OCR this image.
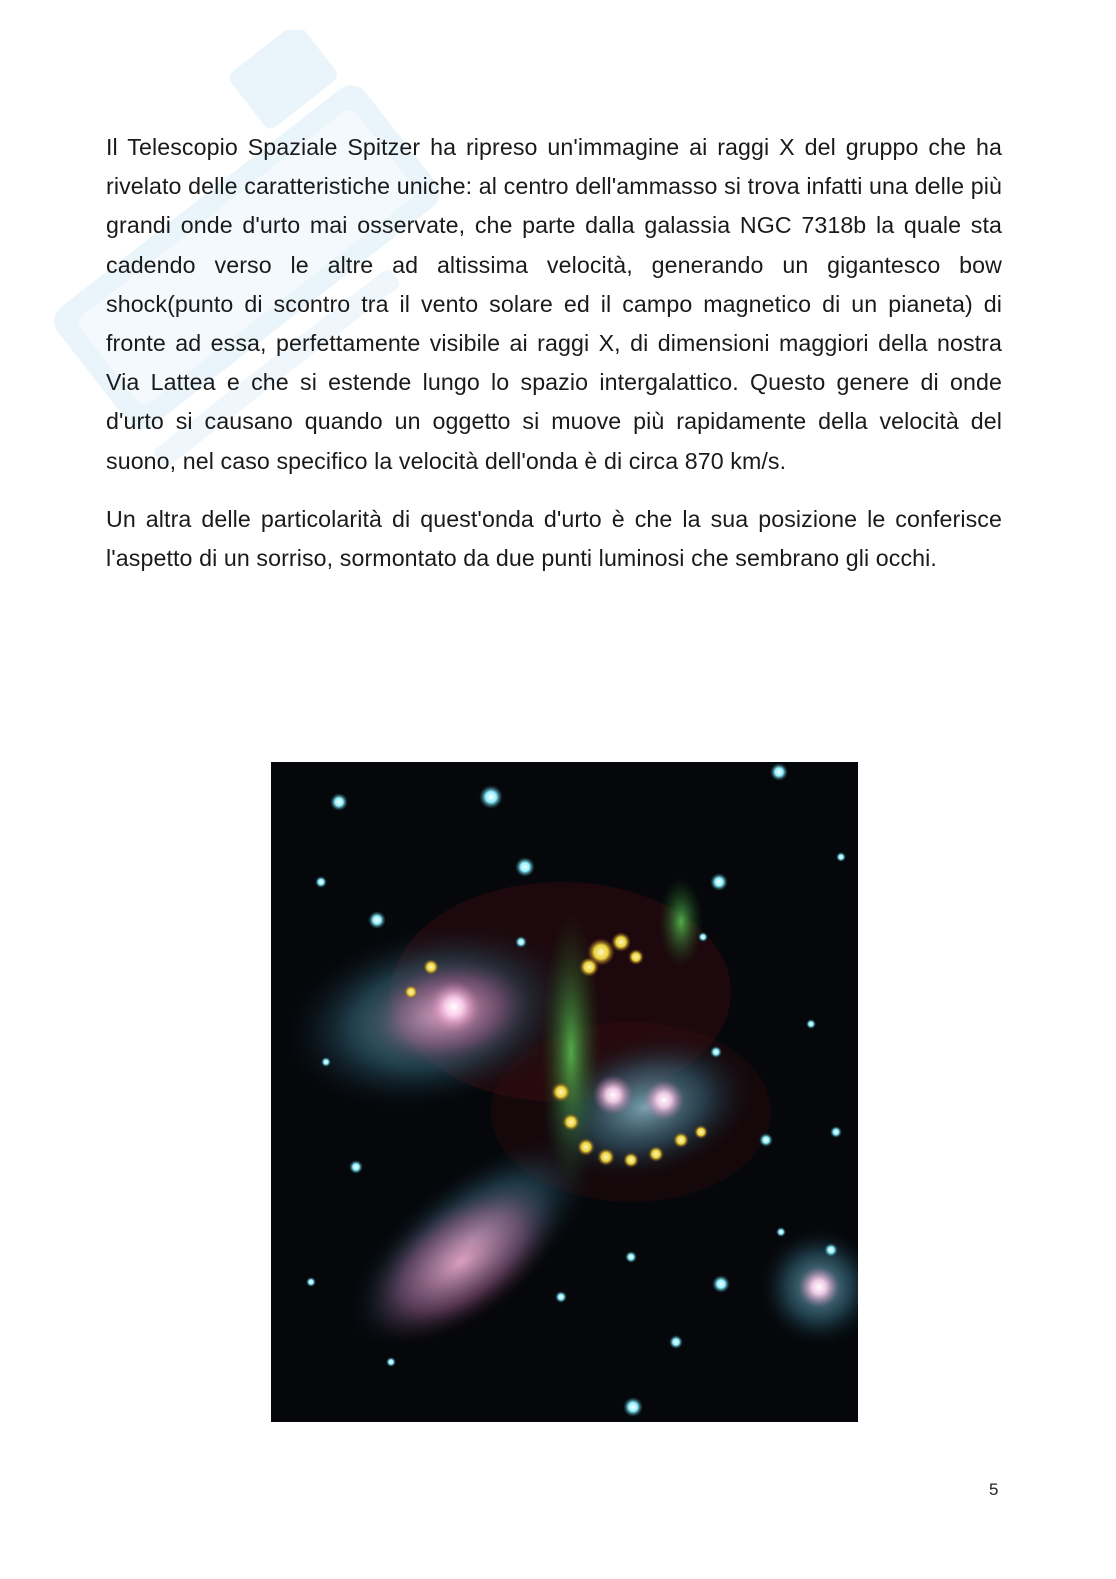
Il Telescopio Spaziale Spitzer ha ripreso un'immagine ai raggi X del gruppo che ha rivelato delle caratteristiche uniche: al centro dell'ammasso si trova infatti una delle più grandi onde d'urto mai osservate, che parte dalla galassia NGC 7318b la quale sta cadendo verso le altre ad altissima velocità, generando un gigantesco bow shock(punto di scontro tra il vento solare ed il campo magnetico di un pianeta) di fronte ad essa, perfettamente visibile ai raggi X, di dimensioni maggiori della nostra Via Lattea e che si estende lungo lo spazio intergalattico. Questo genere di onde d'urto si causano quando un oggetto si muove più rapidamente della velocità del suono, nel caso specifico la velocità dell'onda è di circa 870 km/s.

Un altra delle particolarità di quest'onda d'urto è che la sua posizione le conferisce l'aspetto di un sorriso, sormontato da due punti luminosi che sembrano gli occhi.

5
